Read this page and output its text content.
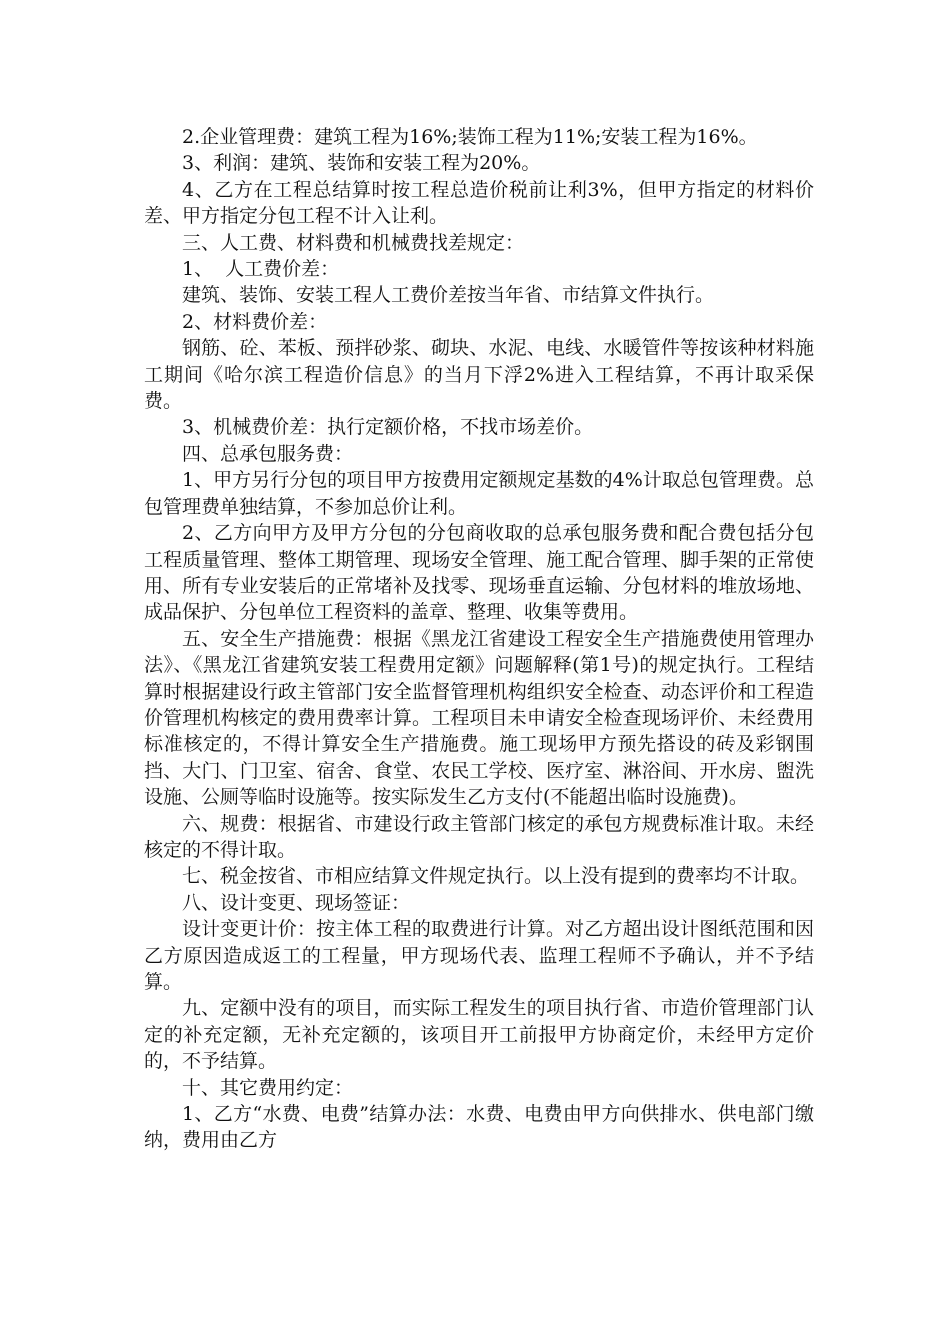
2.企业管理费：建筑工程为16%;装饰工程为11%;安装工程为16%。

3、利润：建筑、装饰和安装工程为20%。

4、乙方在工程总结算时按工程总造价税前让利3%，但甲方指定的材料价差、甲方指定分包工程不计入让利。

三、人工费、材料费和机械费找差规定：

1、  人工费价差：

建筑、装饰、安装工程人工费价差按当年省、市结算文件执行。

2、材料费价差：

钢筋、砼、苯板、预拌砂浆、砌块、水泥、电线、水暖管件等按该种材料施工期间《哈尔滨工程造价信息》的当月下浮2%进入工程结算，不再计取采保费。

3、机械费价差：执行定额价格，不找市场差价。

四、总承包服务费：

1、甲方另行分包的项目甲方按费用定额规定基数的4%计取总包管理费。总包管理费单独结算，不参加总价让利。

2、乙方向甲方及甲方分包的分包商收取的总承包服务费和配合费包括分包工程质量管理、整体工期管理、现场安全管理、施工配合管理、脚手架的正常使用、所有专业安装后的正常堵补及找零、现场垂直运输、分包材料的堆放场地、成品保护、分包单位工程资料的盖章、整理、收集等费用。

五、安全生产措施费：根据《黑龙江省建设工程安全生产措施费使用管理办法》、《黑龙江省建筑安装工程费用定额》问题解释(第1号)的规定执行。工程结算时根据建设行政主管部门安全监督管理机构组织安全检查、动态评价和工程造价管理机构核定的费用费率计算。工程项目未申请安全检查现场评价、未经费用标准核定的，不得计算安全生产措施费。施工现场甲方预先搭设的砖及彩钢围挡、大门、门卫室、宿舍、食堂、农民工学校、医疗室、淋浴间、开水房、盥洗设施、公厕等临时设施等。按实际发生乙方支付(不能超出临时设施费)。

六、规费：根据省、市建设行政主管部门核定的承包方规费标准计取。未经核定的不得计取。

七、税金按省、市相应结算文件规定执行。以上没有提到的费率均不计取。

八、设计变更、现场签证：

设计变更计价：按主体工程的取费进行计算。对乙方超出设计图纸范围和因乙方原因造成返工的工程量，甲方现场代表、监理工程师不予确认，并不予结算。

九、定额中没有的项目，而实际工程发生的项目执行省、市造价管理部门认定的补充定额，无补充定额的，该项目开工前报甲方协商定价，未经甲方定价的，不予结算。

十、其它费用约定：

1、乙方“水费、电费”结算办法：水费、电费由甲方向供排水、供电部门缴纳，费用由乙方
